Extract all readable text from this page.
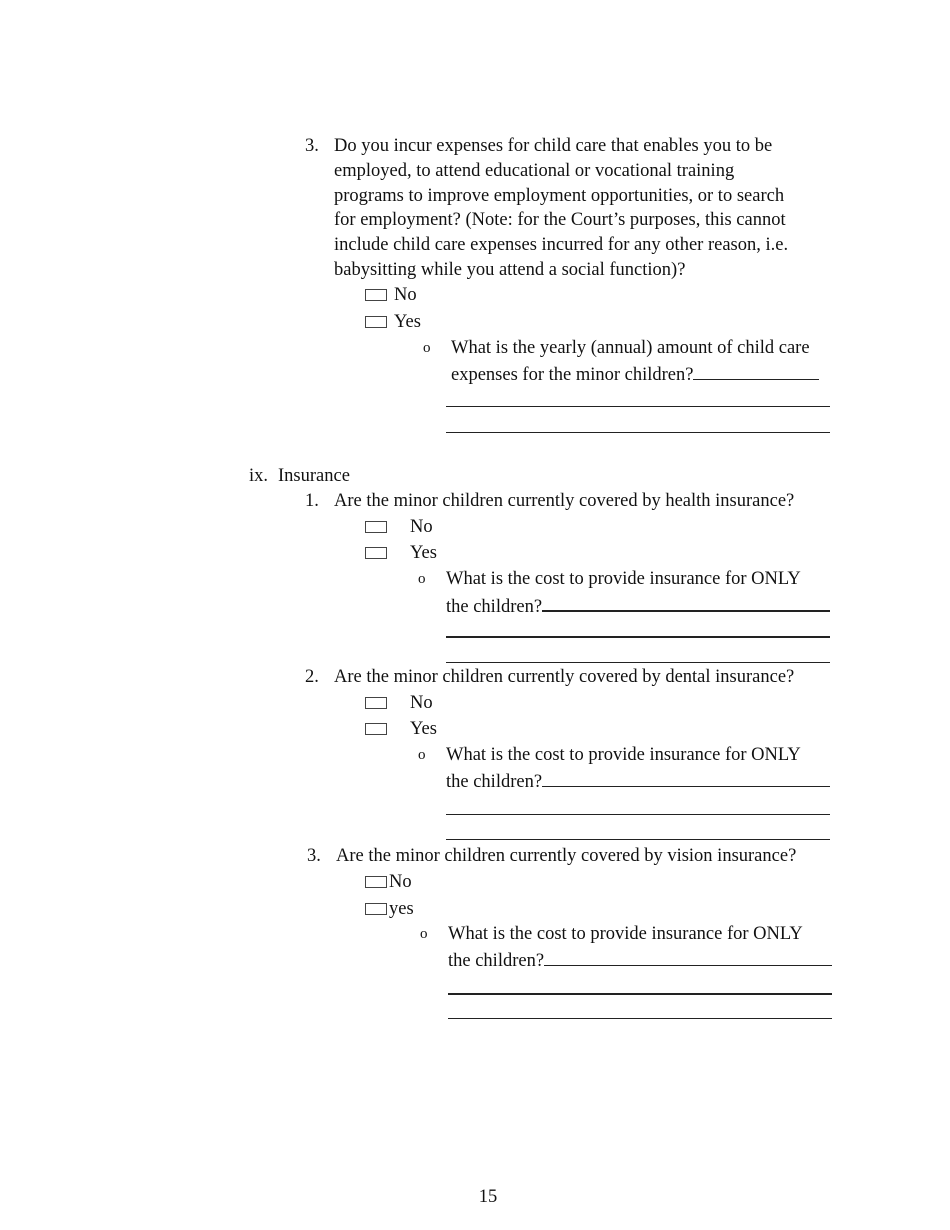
3. Do you incur expenses for child care that enables you to be
employed, to attend educational or vocational training
programs to improve employment opportunities, or to search
for employment? (Note: for the Court’s purposes, this cannot
include child care expenses incurred for any other reason, i.e.
babysitting while you attend a social function)?
No
Yes
o What is the yearly (annual) amount of child care
expenses for the minor children?
ix. Insurance
1. Are the minor children currently covered by health insurance?
No
Yes
o What is the cost to provide insurance for ONLY
the children?
2. Are the minor children currently covered by dental insurance?
No
Yes
o What is the cost to provide insurance for ONLY
the children?
3. Are the minor children currently covered by vision insurance?
No
yes
o What is the cost to provide insurance for ONLY
the children?
15
